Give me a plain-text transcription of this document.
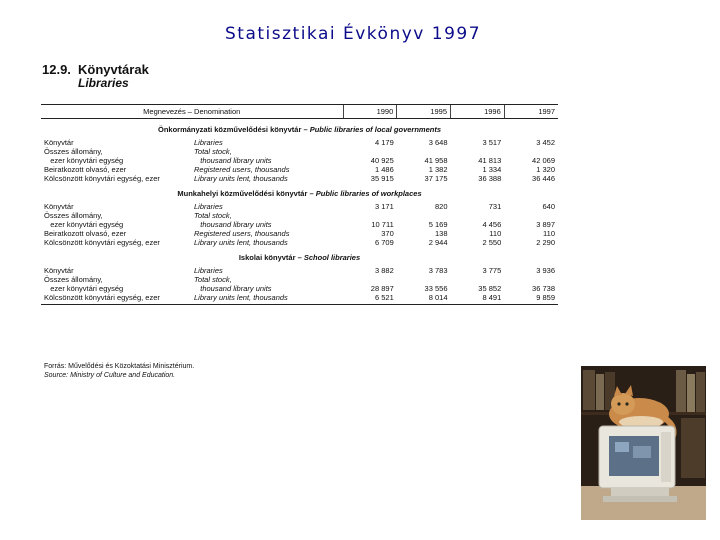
Statisztikai Évkönyv 1997
12.9. Könyvtárak
Libraries
Megnevezés – Denomination		1990	1995	1996	1997
Önkormányzati közművelődési könyvtár – Public libraries of local governments					
Könyvtár	Libraries	4 179	3 648	3 517	3 452
Összes állomány,	Total stock,				
ezer könyvtári egység	thousand library units	40 925	41 958	41 813	42 069
Beiratkozott olvasó, ezer	Registered users, thousands	1 486	1 382	1 334	1 320
Kölcsönzött könyvtári egység, ezer	Library units lent, thousands	35 915	37 175	36 388	36 446
Munkahelyi közművelődési könyvtár – Public libraries of workplaces					
Könyvtár	Libraries	3 171	820	731	640
Összes állomány,	Total stock,				
ezer könyvtári egység	thousand library units	10 711	5 169	4 456	3 897
Beiratkozott olvasó, ezer	Registered users, thousands	370	138	110	110
Kölcsönzött könyvtári egység, ezer	Library units lent, thousands	6 709	2 944	2 550	2 290
Iskolai könyvtár – School libraries					
Könyvtár	Libraries	3 882	3 783	3 775	3 936
Összes állomány,	Total stock,				
ezer könyvtári egység	thousand library units	28 897	33 556	35 852	36 738
Kölcsönzött könyvtári egység, ezer	Library units lent, thousands	6 521	8 014	8 491	9 859
Forrás: Művelődési és Közoktatási Minisztérium.
Source: Ministry of Culture and Education.
